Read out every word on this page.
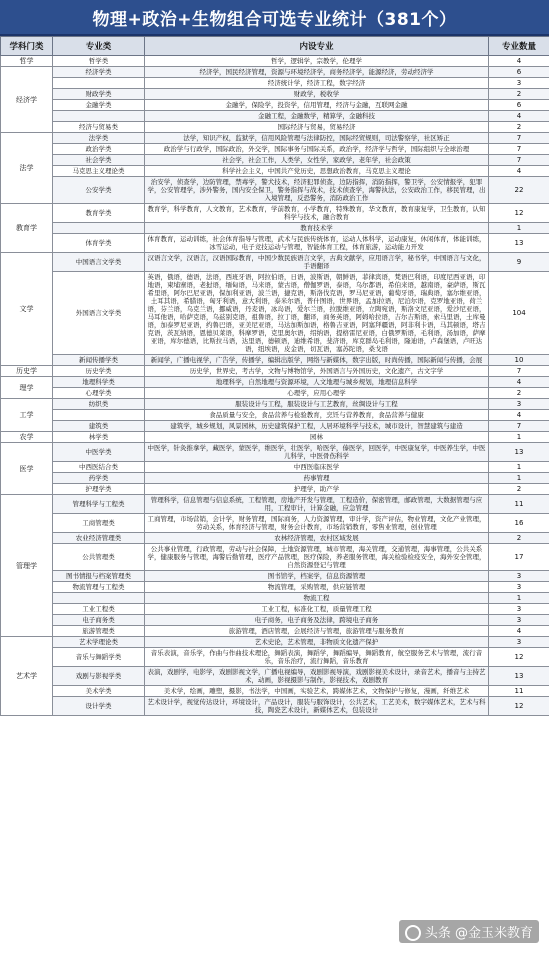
物理+政治+生物组合可选专业统计（381个）
学科门类	专业类	内设专业	专业数量
哲学	哲学类	哲学，逻辑学，宗教学，伦理学	4
经济学	经济学类	经济学，国民经济管理，资源与环境经济学，商务经济学，能源经济，劳动经济学	6
		经济统计学，经济工程，数字经济	3
	财政学类	财政学，税收学	2
	金融学类	金融学，保险学，投资学，信用管理，经济与金融，互联网金融	6
		金融工程，金融数学，精算学，金融科技	4
	经济与贸易类	国际经济与贸易，贸易经济	2
法学	法学类	法学，知识产权，监狱学，信用风险管理与法律防控，国际经贸规则，司法警察学，社区矫正	7
	政治学类	政治学与行政学，国际政治，外交学，国际事务与国际关系，政治学，经济学与哲学，国际组织与全球治理	7
	社会学类	社会学，社会工作，人类学，女性学，家政学，老年学，社会政策	7
	马克思主义理论类	科学社会主义，中国共产党历史，思想政治教育，马克思主义理论	4
	公安学类	治安学，侦查学，边防管理，禁毒学，警犬技术，经济犯罪侦查，边防指挥，消防指挥，警卫学，公安情报学，犯罪学，公安管理学，涉外警务，国内安全保卫，警务指挥与战术，技术侦查学，海警执法，公安政治工作，移民管理，出入境管理，反恐警务，消防政治工作	22
教育学	教育学类	教育学，科学教育，人文教育，艺术教育，学前教育，小学教育，特殊教育，华文教育，教育康复学，卫生教育，认知科学与技术，融合教育	12
		教育技术学	1
	体育学类	体育教育，运动训练，社会体育指导与管理，武术与民族传统体育，运动人体科学，运动康复，休闲体育，体能训练，冰雪运动，电子竞技运动与管理，智能体育工程，体育旅游，运动能力开发	13
文学	中国语言文学类	汉语言文学，汉语言，汉语国际教育，中国少数民族语言文学，古典文献学，应用语言学，秘书学，中国语言与文化，手语翻译	9
	外国语言文学类	英语，俄语，德语，法语，西班牙语，阿拉伯语，日语，波斯语，朝鲜语，菲律宾语，梵语巴利语，印度尼西亚语，印地语，柬埔寨语，老挝语，缅甸语，马来语，蒙古语，僧伽罗语，泰语，乌尔都语，希伯来语，越南语，豪萨语，斯瓦希里语，阿尔巴尼亚语，保加利亚语，波兰语，捷克语，斯洛伐克语，罗马尼亚语，葡萄牙语，瑞典语，塞尔维亚语，土耳其语，希腊语，匈牙利语，意大利语，泰米尔语，普什图语，世界语，孟加拉语，尼泊尔语，克罗地亚语，荷兰语，芬兰语，乌克兰语，挪威语，丹麦语，冰岛语，爱尔兰语，拉脱维亚语，立陶宛语，斯洛文尼亚语，爱沙尼亚语，马耳他语，哈萨克语，乌兹别克语，祖鲁语，拉丁语，翻译，商务英语，阿姆哈拉语，吉尔吉斯语，索马里语，土库曼语，加泰罗尼亚语，约鲁巴语，亚美尼亚语，马达加斯加语，格鲁吉亚语，阿塞拜疆语，阿非利卡语，马其顿语，塔吉克语，茨瓦纳语，恩德贝莱语，科摩罗语，克里奥尔语，绍纳语，提格雷尼亚语，白俄罗斯语，毛利语，汤加语，萨摩亚语，库尔德语，比斯拉马语，达里语，德顿语，迪维希语，斐济语，库克群岛毛利语，隆迪语，卢森堡语，卢旺达语，纽埃语，皮金语，切瓦语，塞苏陀语，桑戈语	104
	新闻传播学类	新闻学，广播电视学，广告学，传播学，编辑出版学，网络与新媒体，数字出版，时尚传播，国际新闻与传播，会展	10
历史学	历史学类	历史学，世界史，考古学，文物与博物馆学，外国语言与外国历史，文化遗产，古文字学	7
理学	地理科学类	地理科学，自然地理与资源环境，人文地理与城乡规划，地理信息科学	4
	心理学类	心理学，应用心理学	2
工学	纺织类	服装设计与工程，服装设计与工艺教育，丝绸设计与工程	3
		食品质量与安全，食品营养与检验教育，烹饪与营养教育，食品营养与健康	4
	建筑类	建筑学，城乡规划，风景园林，历史建筑保护工程，人居环境科学与技术，城市设计，智慧建筑与建造	7
农学	林学类	园林	1
医学	中医学类	中医学，针灸推拿学，藏医学，蒙医学，维医学，壮医学，哈医学，傣医学，回医学，中医康复学，中医养生学，中医儿科学，中医骨伤科学	13
	中西医结合类	中西医临床医学	1
	药学类	药事管理	1
	护理学类	护理学，助产学	2
管理学	管理科学与工程类	管理科学，信息管理与信息系统，工程管理，房地产开发与管理，工程造价，保密管理，邮政管理，大数据管理与应用，工程审计，计算金融，应急管理	11
	工商管理类	工商管理，市场营销，会计学，财务管理，国际商务，人力资源管理，审计学，资产评估，物业管理，文化产业管理，劳动关系，体育经济与管理，财务会计教育，市场营销教育，零售业管理，创业管理	16
	农业经济管理类	农林经济管理，农村区域发展	2
	公共管理类	公共事业管理，行政管理，劳动与社会保障，土地资源管理，城市管理，海关管理，交通管理，海事管理，公共关系学，健康服务与管理，海警后勤管理，医疗产品管理，医疗保险，养老服务管理，海关检验检疫安全，海外安全管理，自然资源登记与管理	17
	图书情报与档案管理类	图书馆学，档案学，信息资源管理	3
	物流管理与工程类	物流管理，采购管理，供应链管理	3
		物流工程	1
	工业工程类	工业工程，标准化工程，质量管理工程	3
	电子商务类	电子商务，电子商务及法律，跨境电子商务	3
	旅游管理类	旅游管理，酒店管理，会展经济与管理，旅游管理与服务教育	4
艺术学	艺术学理论类	艺术史论，艺术管理，非物质文化遗产保护	3
	音乐与舞蹈学类	音乐表演，音乐学，作曲与作曲技术理论，舞蹈表演，舞蹈学，舞蹈编导，舞蹈教育，航空服务艺术与管理，流行音乐，音乐治疗，流行舞蹈，音乐教育	12
	戏剧与影视学类	表演，戏剧学，电影学，戏剧影视文学，广播电视编导，戏剧影视导演，戏剧影视美术设计，录音艺术，播音与主持艺术，动画，影视摄影与制作，影视技术，戏剧教育	13
	美术学类	美术学，绘画，雕塑，摄影，书法学，中国画，实验艺术，跨媒体艺术，文物保护与修复，漫画，纤维艺术	11
	设计学类	艺术设计学，视觉传达设计，环境设计，产品设计，服装与服饰设计，公共艺术，工艺美术，数字媒体艺术，艺术与科技，陶瓷艺术设计，新媒体艺术，包装设计	12
头条 @金玉米教育
